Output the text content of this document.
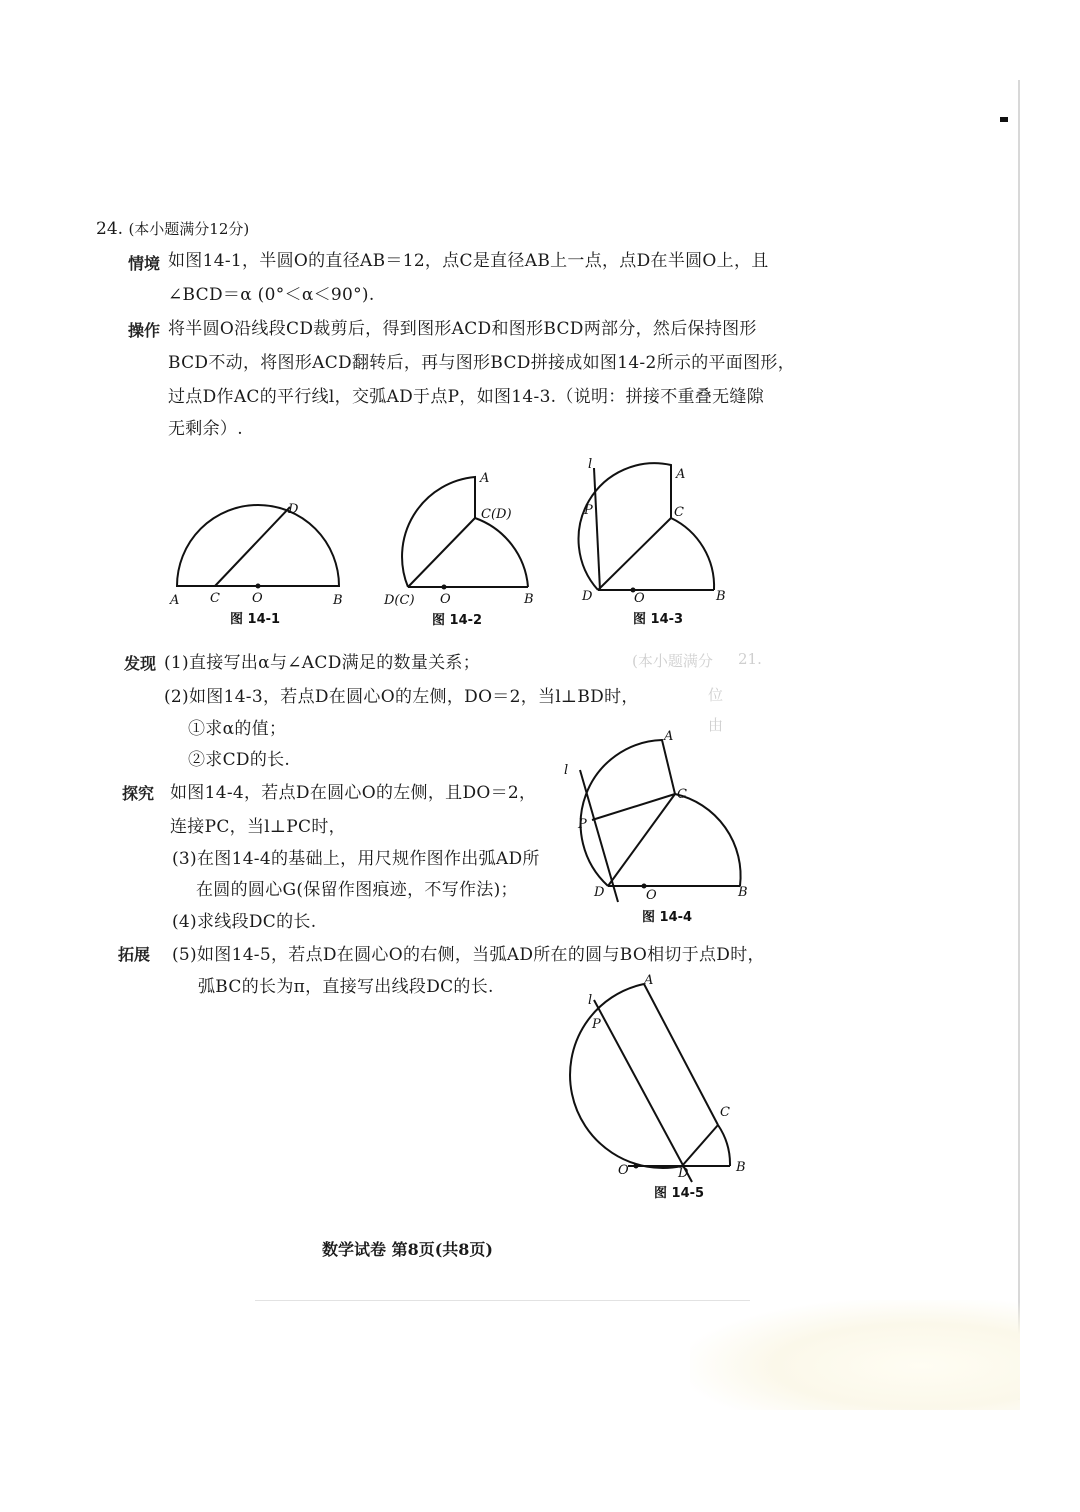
24. (本小题满分12分)
情境 如图14-1，半圆O的直径AB＝12，点C是直径AB上一点，点D在半圆O上，且
∠BCD＝α (0°＜α＜90°).
操作 将半圆O沿线段CD裁剪后，得到图形ACD和图形BCD两部分，然后保持图形
BCD不动，将图形ACD翻转后，再与图形BCD拼接成如图14-2所示的平面图形，
过点D作AC的平行线l，交弧AD于点P，如图14-3.（说明：拼接不重叠无缝隙
无剩余）.
A C O	B
D
图 14-1
A
C(D)
D(C) O	B
图 14-2
l
A
C
P
D	O	B
图 14-3
发现 (1)直接写出α与∠ACD满足的数量关系；
(2)如图14-3，若点D在圆心O的左侧，DO＝2，当l⊥BD时，
①求α的值；
②求CD的长.
(本小题满分 21.
位
由
l
A
C
P
D	O	B
图 14-4
探究 如图14-4，若点D在圆心O的左侧，且DO＝2，
连接PC，当l⊥PC时，
(3)在图14-4的基础上，用尺规作图作出弧AD所
在圆的圆心G(保留作图痕迹，不写作法)；
(4)求线段DC的长.
拓展 (5)如图14-5，若点D在圆心O的右侧，当弧AD所在的圆与BO相切于点D时，
弧BC的长为π，直接写出线段DC的长.
l
A
P
C
O	D	B
图 14-5
数学试卷 第8页(共8页)
